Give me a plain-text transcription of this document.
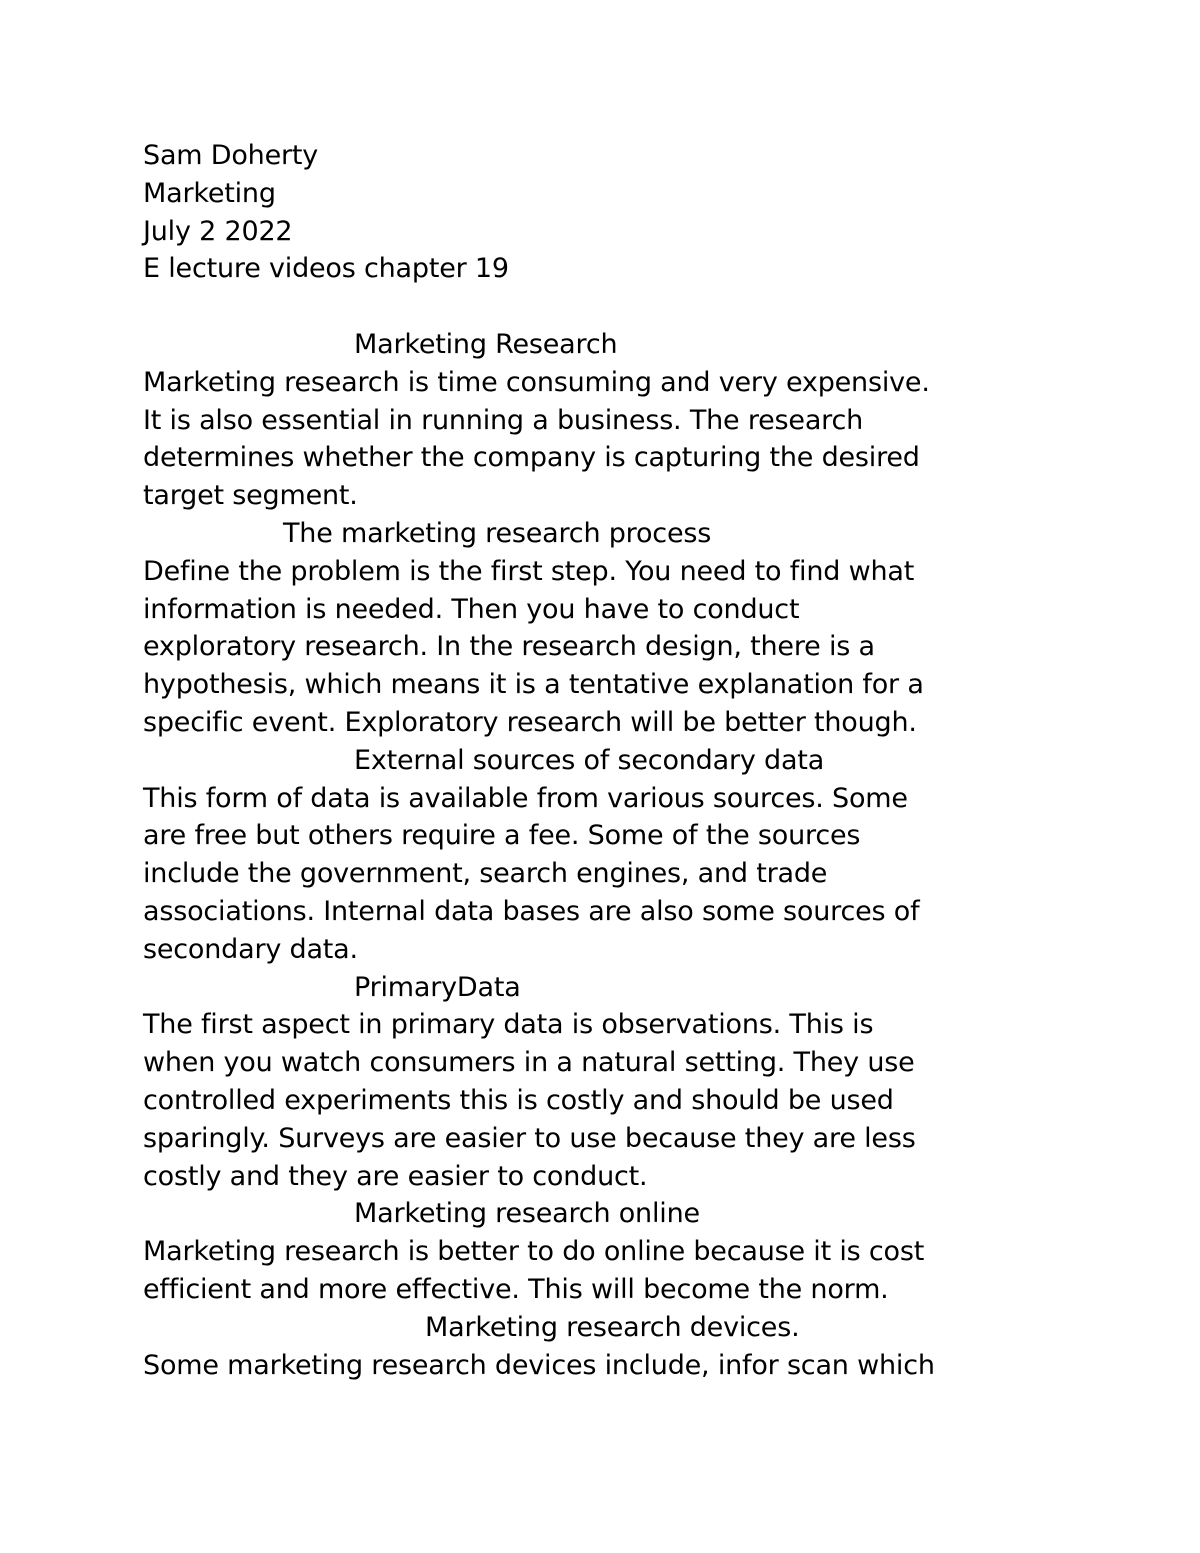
Sam Doherty
Marketing
July 2 2022
E lecture videos chapter 19
Marketing Research
Marketing research is time consuming and very expensive.
It is also essential in running a business. The research
determines whether the company is capturing the desired
target segment.
The marketing research process
Define the problem is the first step. You need to find what
information is needed. Then you have to conduct
exploratory research. In the research design, there is a
hypothesis, which means it is a tentative explanation for a
specific event. Exploratory research will be better though.
External sources of secondary data
This form of data is available from various sources. Some
are free but others require a fee. Some of the sources
include the government, search engines, and trade
associations. Internal data bases are also some sources of
secondary data.
PrimaryData
The first aspect in primary data is observations. This is
when you watch consumers in a natural setting. They use
controlled experiments this is costly and should be used
sparingly. Surveys are easier to use because they are less
costly and they are easier to conduct.
Marketing research online
Marketing research is better to do online because it is cost
efficient and more effective. This will become the norm.
Marketing research devices.
Some marketing research devices include, infor scan which
